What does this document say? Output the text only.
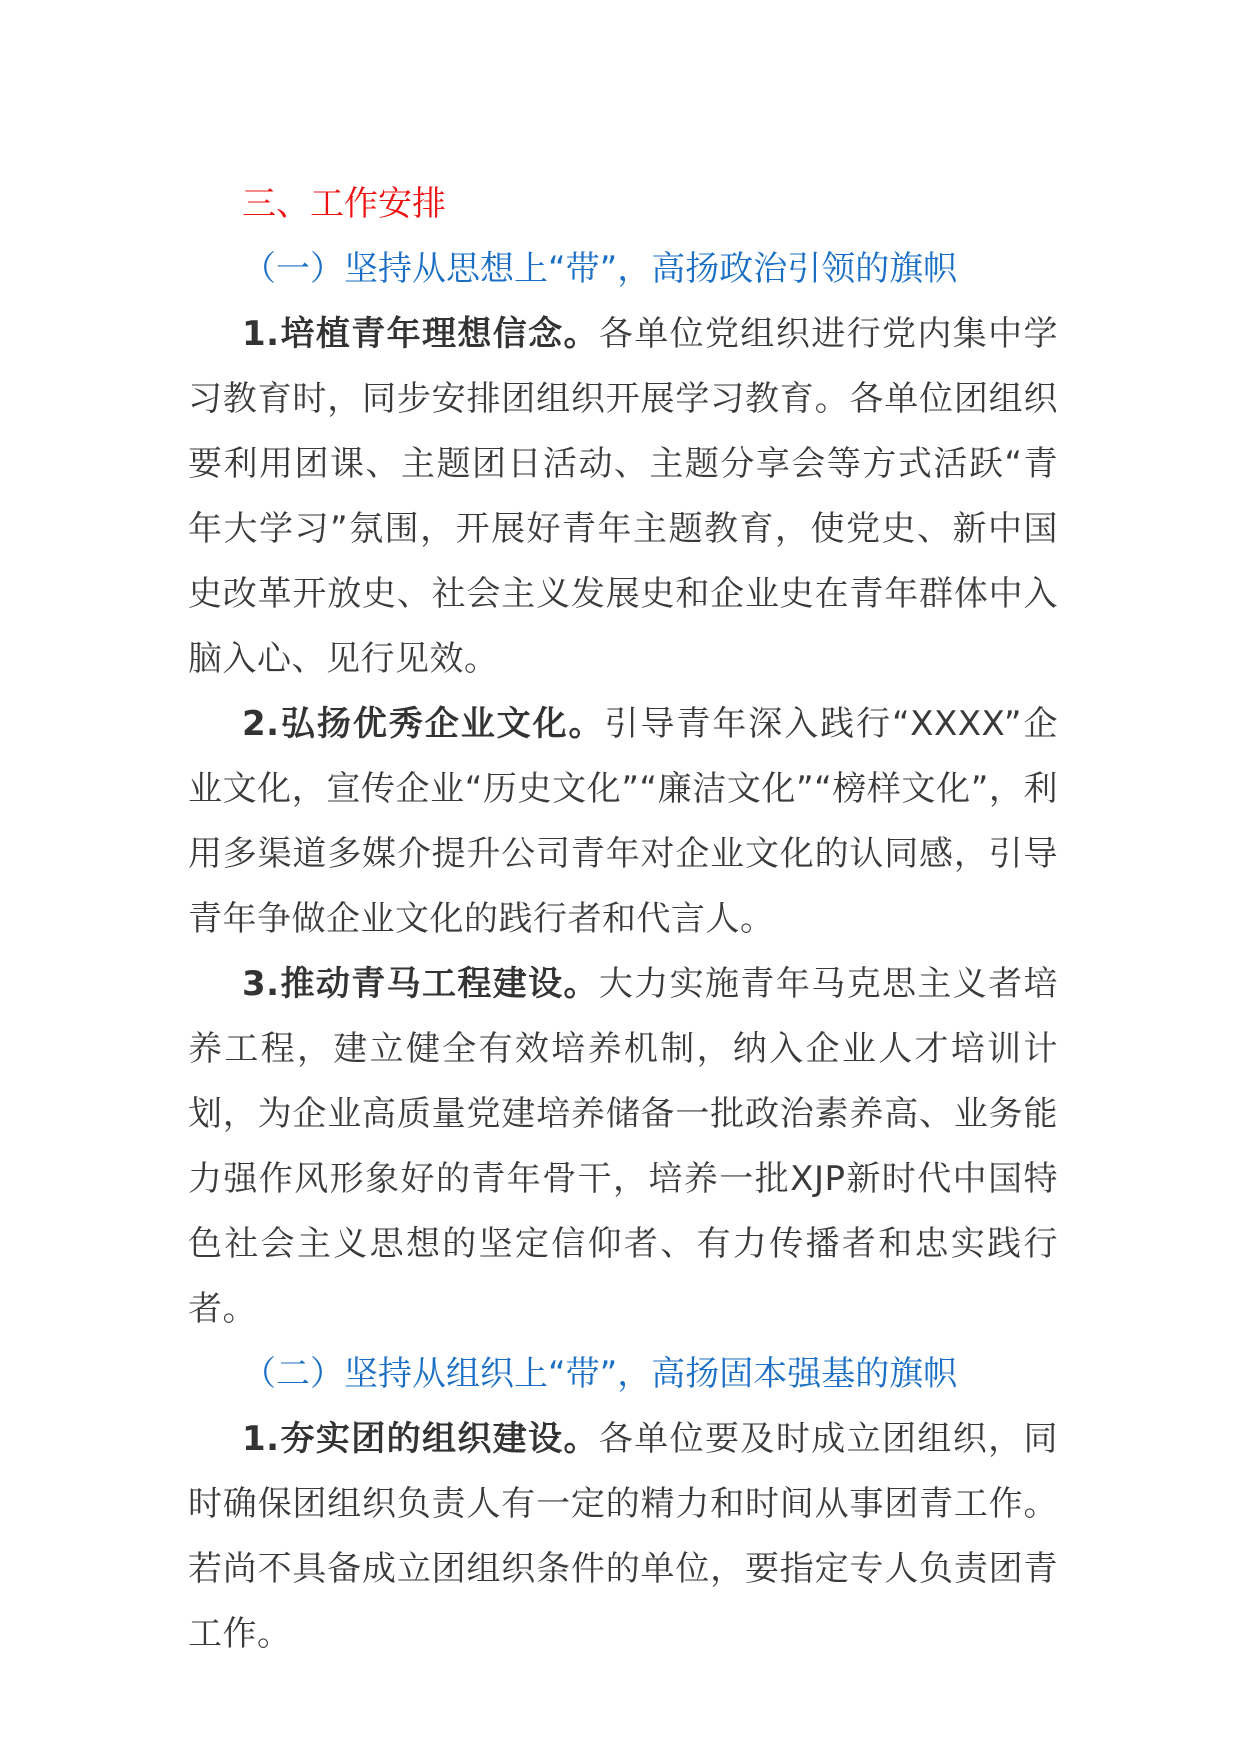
三、工作安排
（一）坚持从思想上“带”，高扬政治引领的旗帜

1.培植青年理想信念。各单位党组织进行党内集中学习教育时，同步安排团组织开展学习教育。各单位团组织要利用团课、主题团日活动、主题分享会等方式活跃“青年大学习”氛围，开展好青年主题教育，使党史、新中国史改革开放史、社会主义发展史和企业史在青年群体中入脑入心、见行见效。

2.弘扬优秀企业文化。引导青年深入践行“XXXX”企业文化，宣传企业“历史文化”“廉洁文化”“榜样文化”，利用多渠道多媒介提升公司青年对企业文化的认同感，引导青年争做企业文化的践行者和代言人。

3.推动青马工程建设。大力实施青年马克思主义者培养工程，建立健全有效培养机制，纳入企业人才培训计划，为企业高质量党建培养储备一批政治素养高、业务能力强作风形象好的青年骨干，培养一批XJP新时代中国特色社会主义思想的坚定信仰者、有力传播者和忠实践行者。

（二）坚持从组织上“带”，高扬固本强基的旗帜

1.夯实团的组织建设。各单位要及时成立团组织，同时确保团组织负责人有一定的精力和时间从事团青工作。若尚不具备成立团组织条件的单位，要指定专人负责团青工作。
